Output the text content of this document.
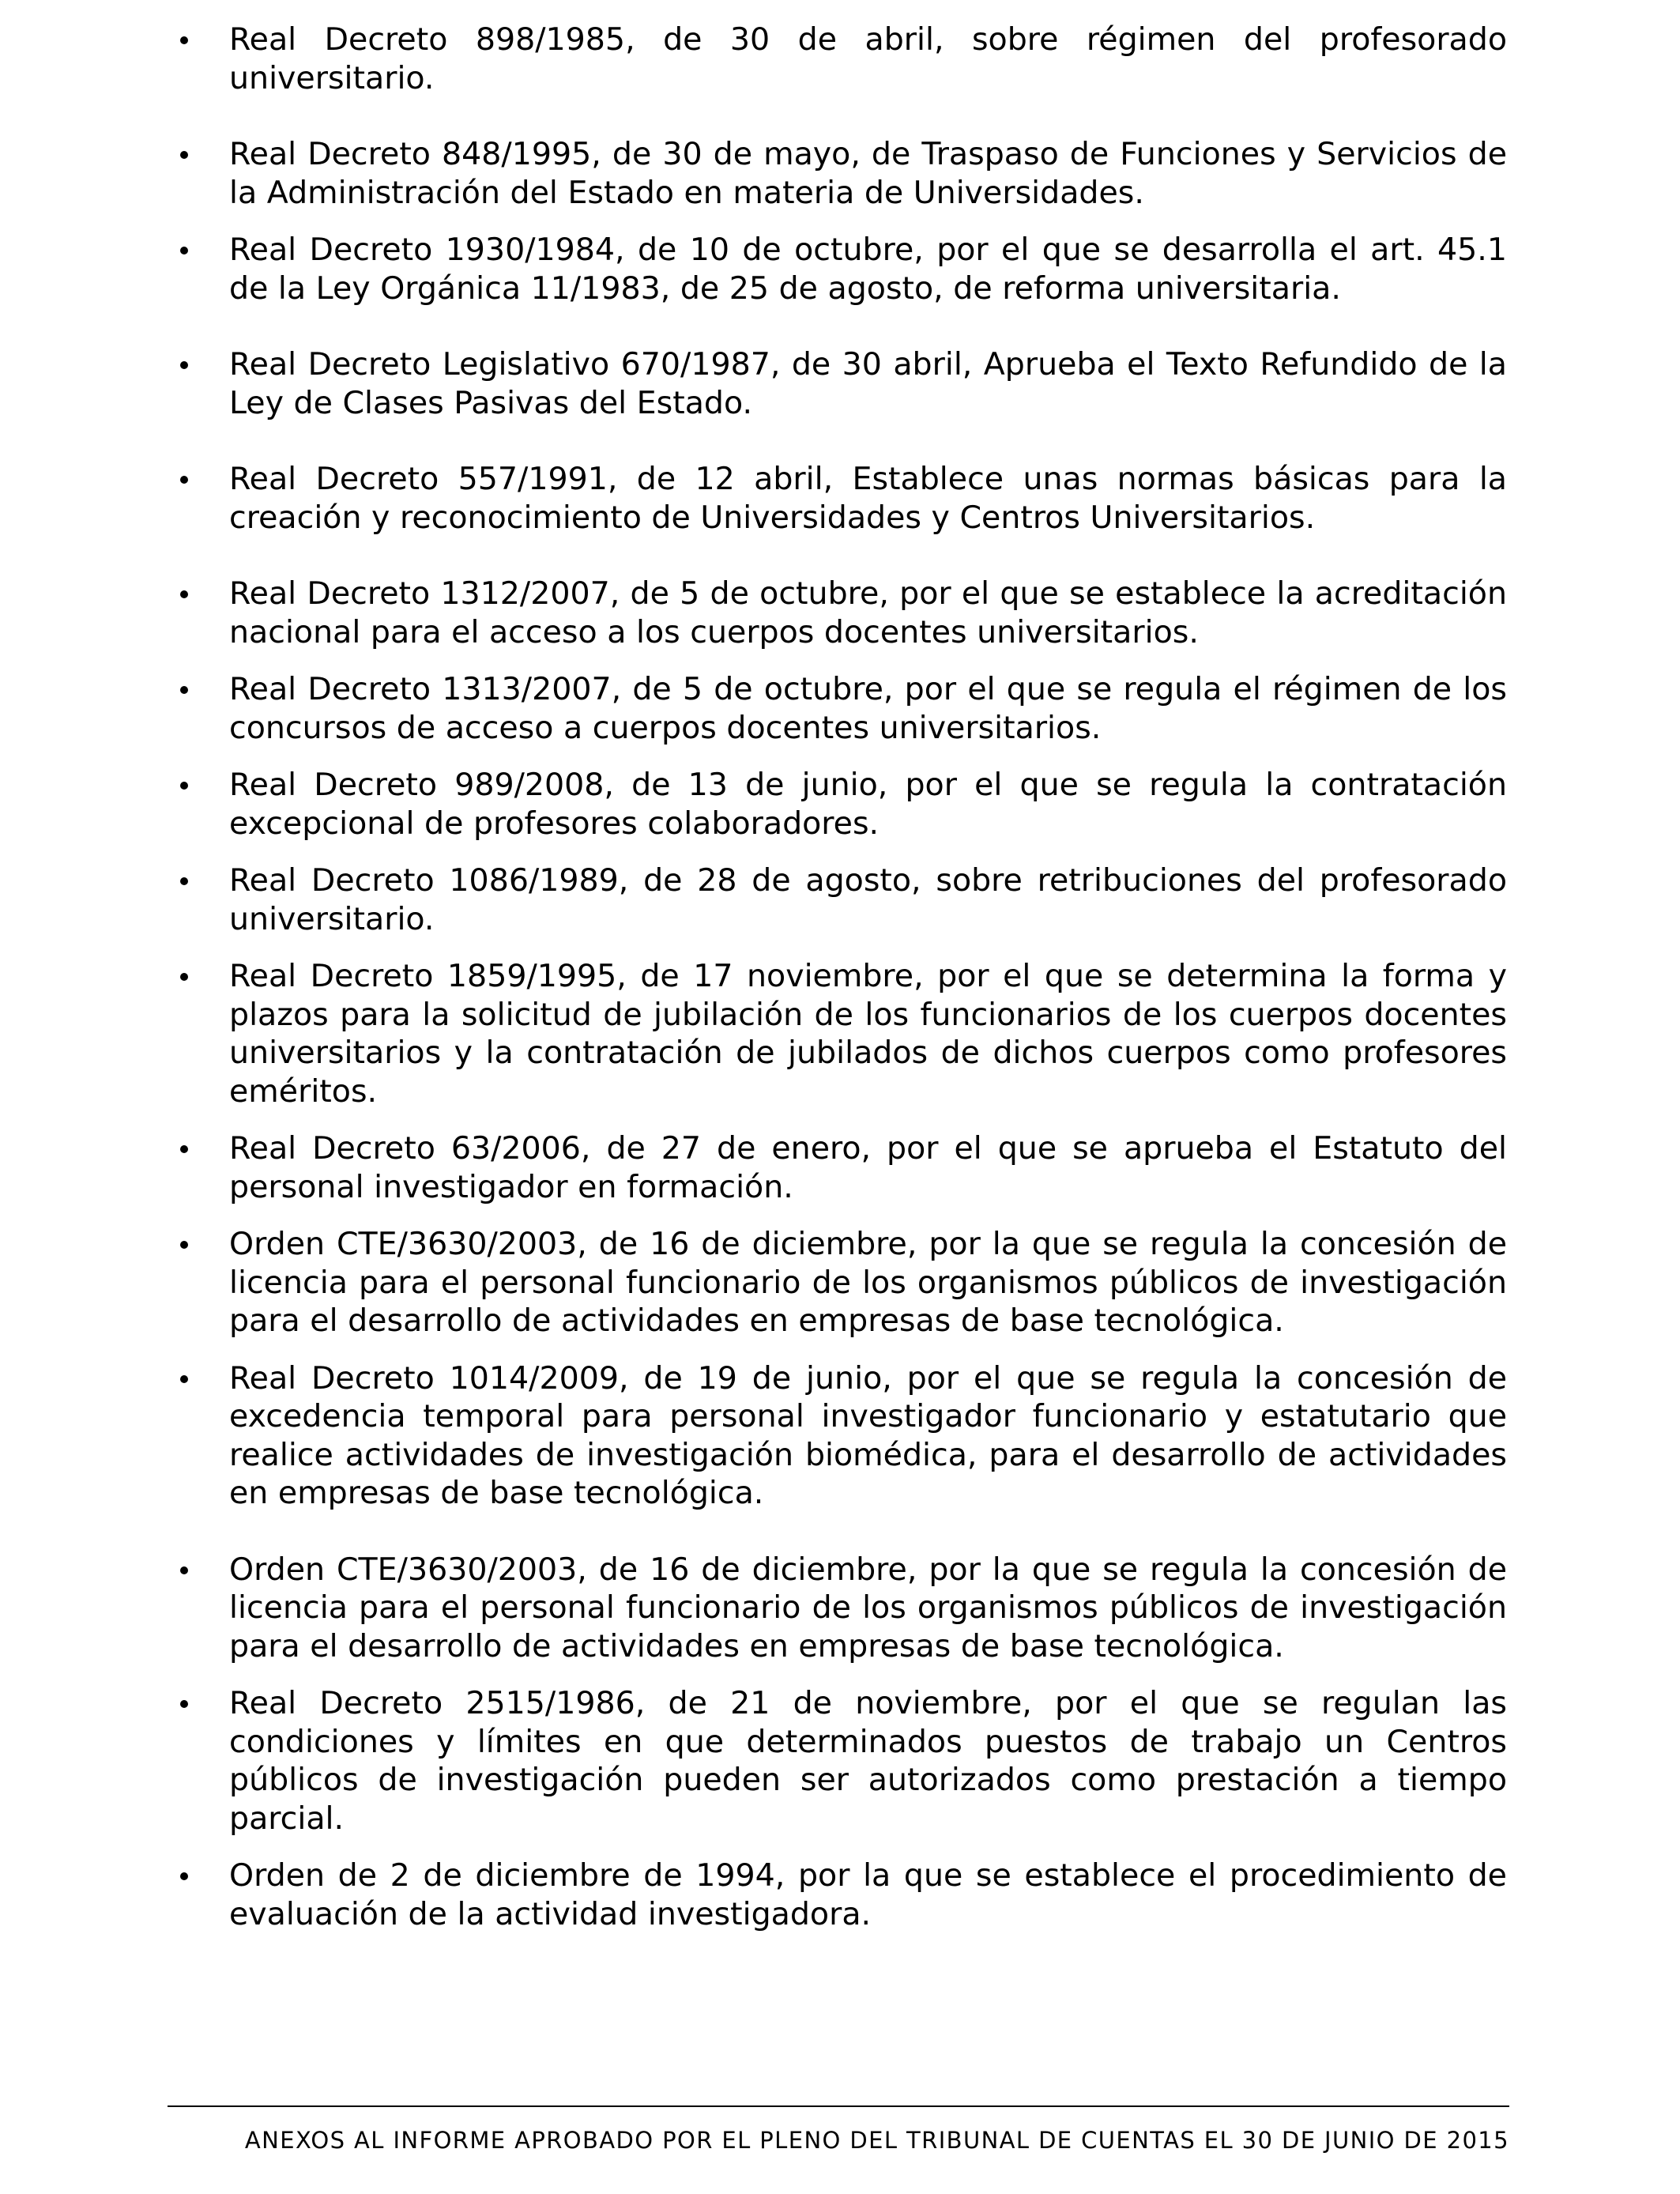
Real Decreto 898/1985, de 30 de abril, sobre régimen del profesorado universitario.
Real Decreto 848/1995, de 30 de mayo, de Traspaso de Funciones y Servicios de la Administración del Estado en materia de Universidades.
Real Decreto 1930/1984, de 10 de octubre, por el que se desarrolla el art. 45.1 de la Ley Orgánica 11/1983, de 25 de agosto, de reforma universitaria.
Real Decreto Legislativo 670/1987, de 30 abril, Aprueba el Texto Refundido de la Ley de Clases Pasivas del Estado.
Real Decreto 557/1991, de 12 abril, Establece unas normas básicas para la creación y reconocimiento de Universidades y Centros Universitarios.
Real Decreto 1312/2007, de 5 de octubre, por el que se establece la acreditación nacional para el acceso a los cuerpos docentes universitarios.
Real Decreto 1313/2007, de 5 de octubre, por el que se regula el régimen de los concursos de acceso a cuerpos docentes universitarios.
Real Decreto 989/2008, de 13 de junio, por el que se regula la contratación excepcional de profesores colaboradores.
Real Decreto 1086/1989, de 28 de agosto, sobre retribuciones del profesorado universitario.
Real Decreto 1859/1995, de 17 noviembre, por el que se determina la forma y plazos para la solicitud de jubilación de los funcionarios de los cuerpos docentes universitarios y la contratación de jubilados de dichos cuerpos como profesores eméritos.
Real Decreto 63/2006, de 27 de enero, por el que se aprueba el Estatuto del personal investigador en formación.
Orden CTE/3630/2003, de 16 de diciembre, por la que se regula la concesión de licencia para el personal funcionario de los organismos públicos de investigación para el desarrollo de actividades en empresas de base tecnológica.
Real Decreto 1014/2009, de 19 de junio, por el que se regula la concesión de excedencia temporal para personal investigador funcionario y estatutario que realice actividades de investigación biomédica, para el desarrollo de actividades en empresas de base tecnológica.
Orden CTE/3630/2003, de 16 de diciembre, por la que se regula la concesión de licencia para el personal funcionario de los organismos públicos de investigación para el desarrollo de actividades en empresas de base tecnológica.
Real Decreto 2515/1986, de 21 de noviembre, por el que se regulan las condiciones y límites en que determinados puestos de trabajo un Centros públicos de investigación pueden ser autorizados como prestación a tiempo parcial.
Orden de 2 de diciembre de 1994, por la que se establece el procedimiento de evaluación de la actividad investigadora.
ANEXOS AL INFORME APROBADO POR EL PLENO DEL TRIBUNAL DE CUENTAS EL 30 DE JUNIO DE 2015
